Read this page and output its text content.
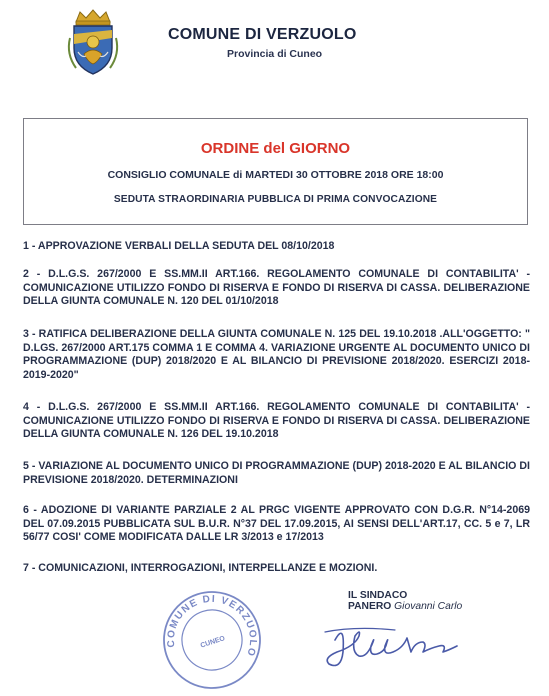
COMUNE DI VERZUOLO
Provincia di Cuneo
ORDINE del GIORNO
CONSIGLIO COMUNALE di MARTEDI 30 OTTOBRE 2018 ORE 18:00
SEDUTA STRAORDINARIA PUBBLICA DI PRIMA CONVOCAZIONE

1 - APPROVAZIONE VERBALI DELLA SEDUTA DEL 08/10/2018

2 - D.L.G.S. 267/2000 E SS.MM.II ART.166. REGOLAMENTO COMUNALE DI CONTABILITA' - COMUNICAZIONE UTILIZZO FONDO DI RISERVA E FONDO DI RISERVA DI CASSA. DELIBERAZIONE DELLA GIUNTA COMUNALE N. 120 DEL 01/10/2018

3 - RATIFICA DELIBERAZIONE DELLA GIUNTA COMUNALE N. 125 DEL 19.10.2018 .ALL'OGGETTO: " D.LGS. 267/2000 ART.175 COMMA 1 E COMMA 4. VARIAZIONE URGENTE AL DOCUMENTO UNICO DI PROGRAMMAZIONE (DUP) 2018/2020 E AL BILANCIO DI PREVISIONE 2018/2020. ESERCIZI 2018-2019-2020"

4 - D.L.G.S. 267/2000 E SS.MM.II ART.166. REGOLAMENTO COMUNALE DI CONTABILITA' - COMUNICAZIONE UTILIZZO FONDO DI RISERVA E FONDO DI RISERVA DI CASSA. DELIBERAZIONE DELLA GIUNTA COMUNALE N. 126 DEL 19.10.2018

5 - VARIAZIONE AL DOCUMENTO UNICO DI PROGRAMMAZIONE (DUP) 2018-2020 E AL BILANCIO DI PREVISIONE 2018/2020. DETERMINAZIONI

6 - ADOZIONE DI VARIANTE PARZIALE 2 AL PRGC VIGENTE APPROVATO CON D.G.R. N°14-2069 DEL 07.09.2015 PUBBLICATA SUL B.U.R. N°37 DEL 17.09.2015, AI SENSI DELL'ART.17, CC. 5 e 7, LR 56/77 COSI' COME MODIFICATA DALLE LR 3/2013 e 17/2013

7 - COMUNICAZIONI, INTERROGAZIONI, INTERPELLANZE E MOZIONI.

COMUNE DI VERZUOLO
CUNEO
IL SINDACO
PANERO Giovanni Carlo
